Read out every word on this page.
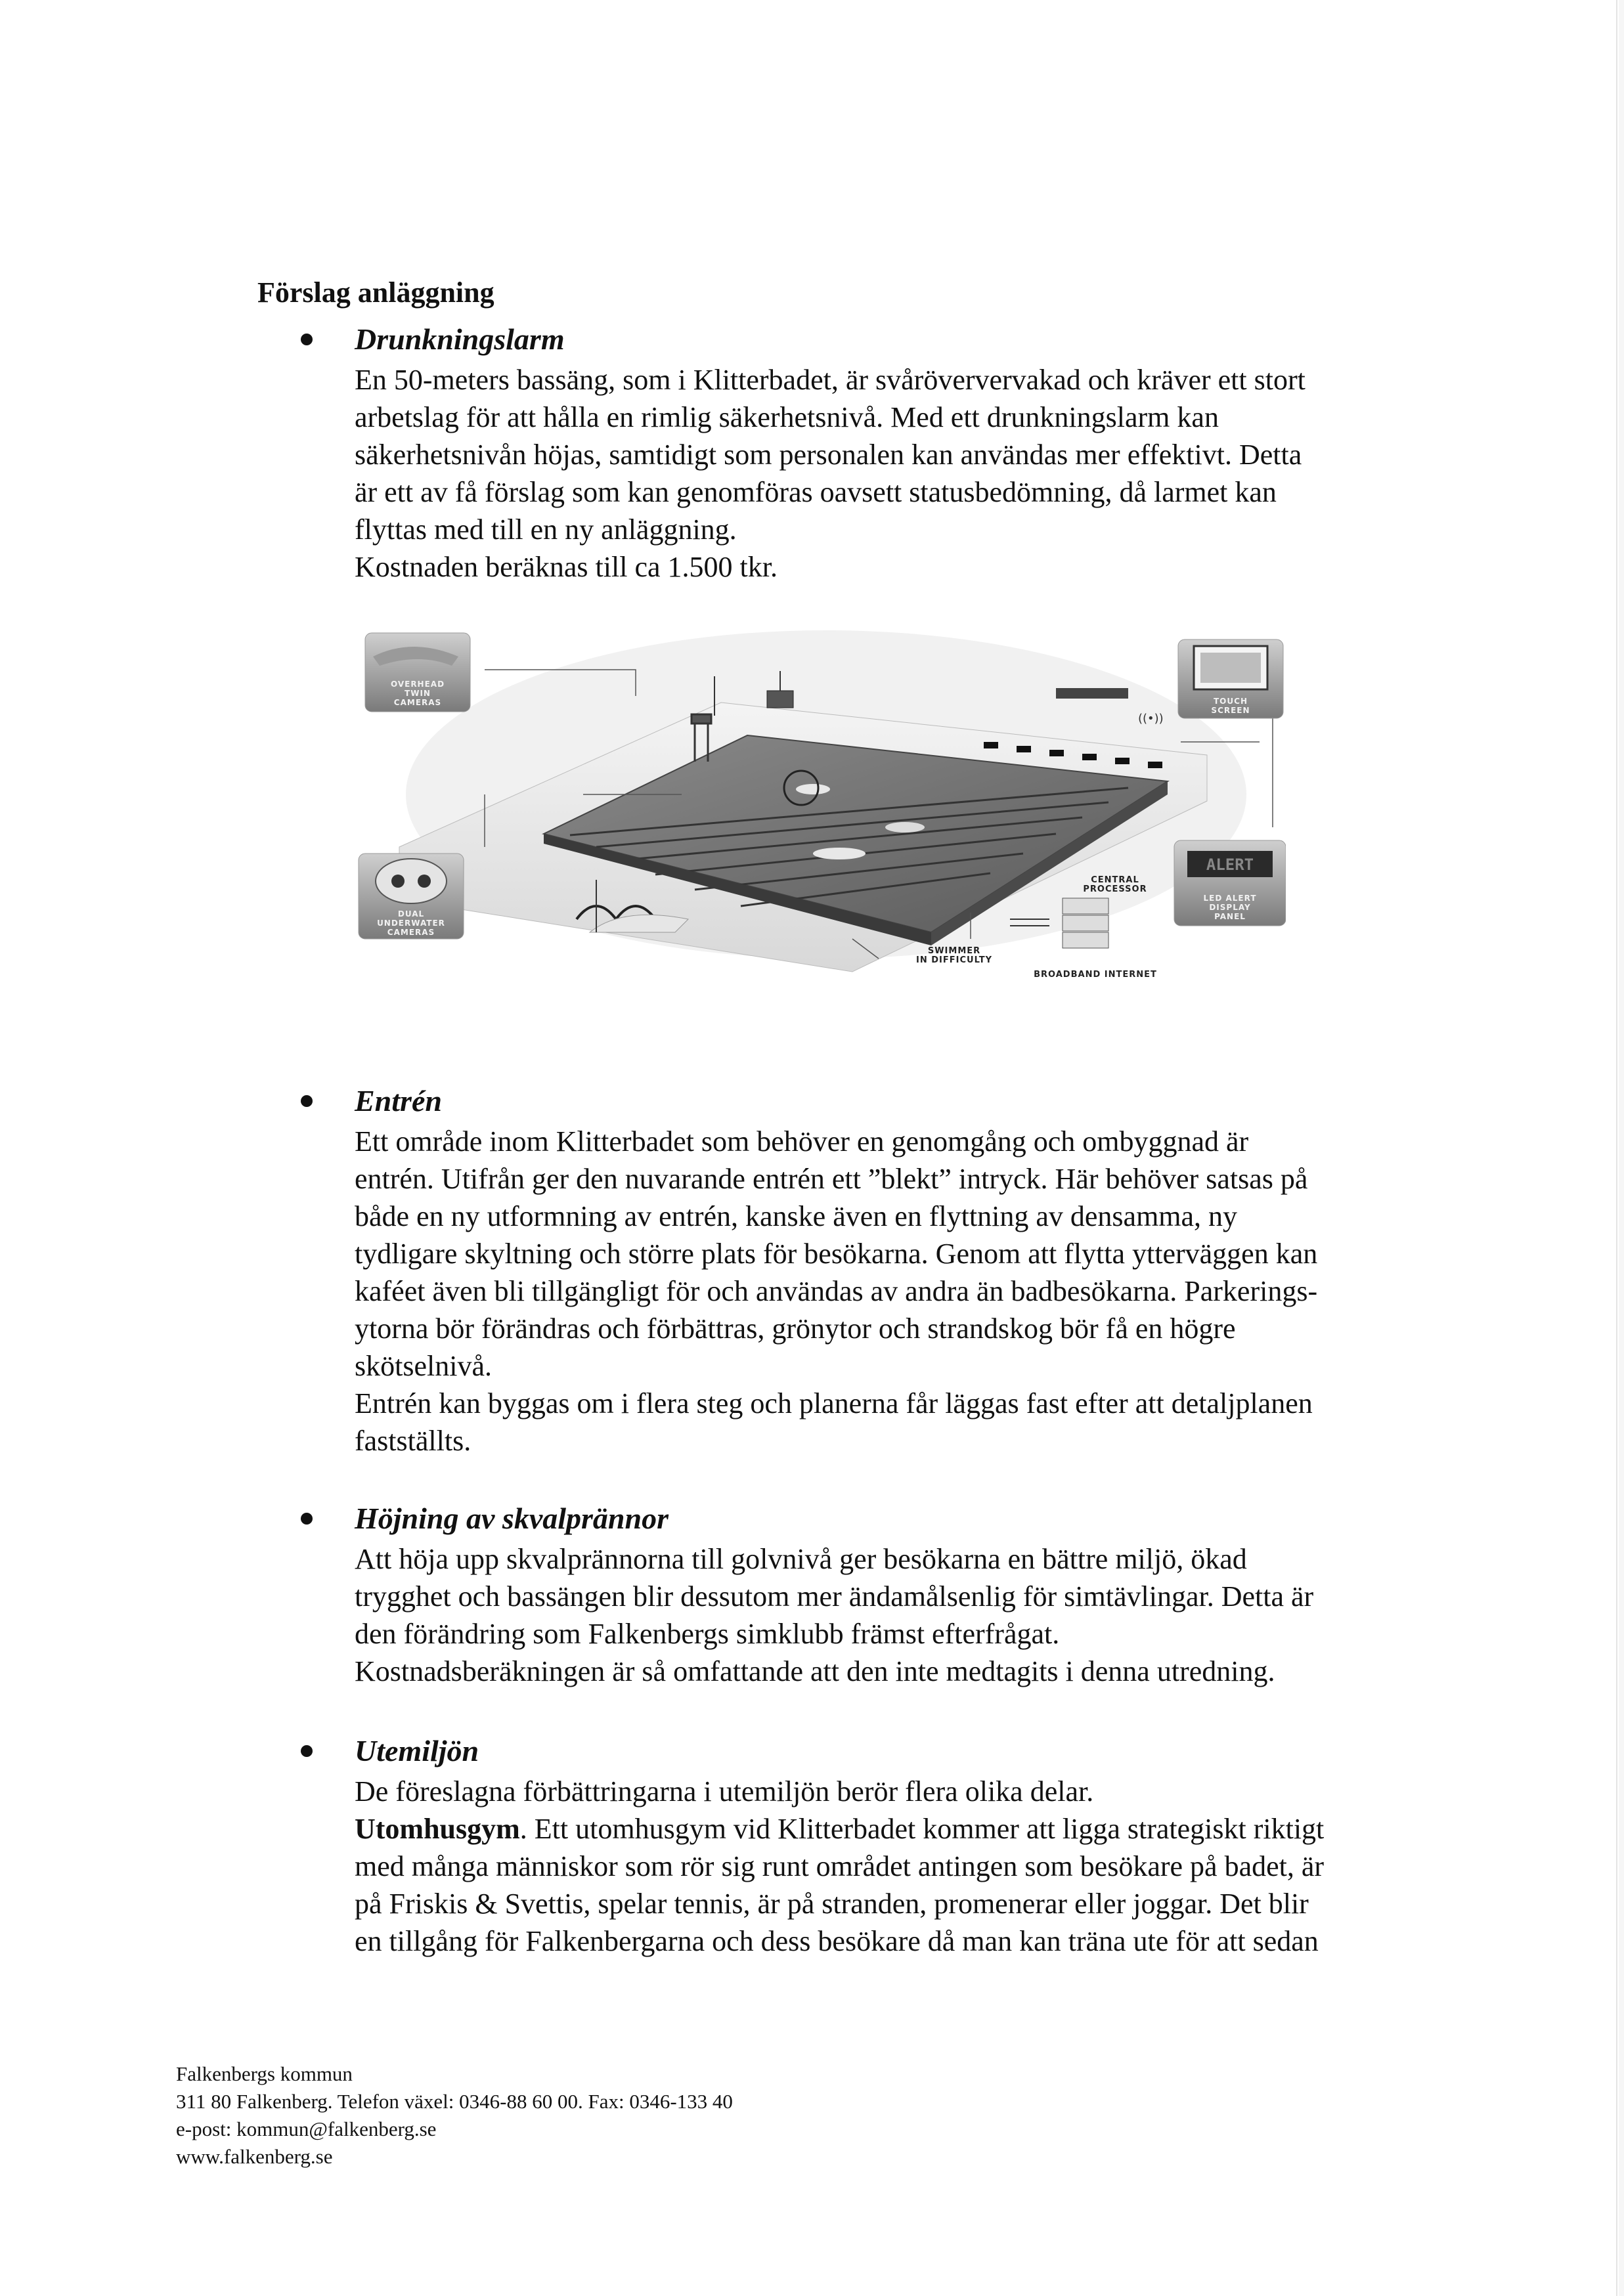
Förslag anläggning
Drunkningslarm

En 50-meters bassäng, som i Klitterbadet, är svåröververvakad och kräver ett stort

arbetslag för att hålla en rimlig säkerhetsnivå. Med ett drunkningslarm kan

säkerhetsnivån höjas, samtidigt som personalen kan användas mer effektivt. Detta

är ett av få förslag som kan genomföras oavsett statusbedömning, då larmet kan

flyttas med till en ny anläggning.

Kostnaden beräknas till ca 1.500 tkr.

((•))
OVERHEAD
TWIN
CAMERAS	TOUCH
SCREEN
DUAL
UNDERWATER
CAMERAS
ALERT
LED ALERT
DISPLAY
PANEL
CENTRAL
PROCESSOR
SWIMMER
IN DIFFICULTY
BROADBAND INTERNET
Entrén

Ett område inom Klitterbadet som behöver en genomgång och ombyggnad är

entrén. Utifrån ger den nuvarande entrén ett ”blekt” intryck. Här behöver satsas på

både en ny utformning av entrén, kanske även en flyttning av densamma, ny

tydligare skyltning och större plats för besökarna. Genom att flytta ytterväggen kan

kaféet även bli tillgängligt för och användas av andra än badbesökarna. Parkerings-

ytorna bör förändras och förbättras, grönytor och strandskog bör få en högre

skötselnivå.

Entrén kan byggas om i flera steg och planerna får läggas fast efter att detaljplanen

fastställts.

Höjning av skvalprännor

Att höja upp skvalprännorna till golvnivå ger besökarna en bättre miljö, ökad

trygghet och bassängen blir dessutom mer ändamålsenlig för simtävlingar. Detta är

den förändring som Falkenbergs simklubb främst efterfrågat.

Kostnadsberäkningen är så omfattande att den inte medtagits i denna utredning.

Utemiljön

De föreslagna förbättringarna i utemiljön berör flera olika delar.

Utomhusgym. Ett utomhusgym vid Klitterbadet kommer att ligga strategiskt riktigt

med många människor som rör sig runt området antingen som besökare på badet, är

på Friskis & Svettis, spelar tennis, är på stranden, promenerar eller joggar. Det blir

en tillgång för Falkenbergarna och dess besökare då man kan träna ute för att sedan

Falkenbergs kommun
311 80 Falkenberg. Telefon växel: 0346-88 60 00. Fax: 0346-133 40
e-post: kommun@falkenberg.se
www.falkenberg.se
